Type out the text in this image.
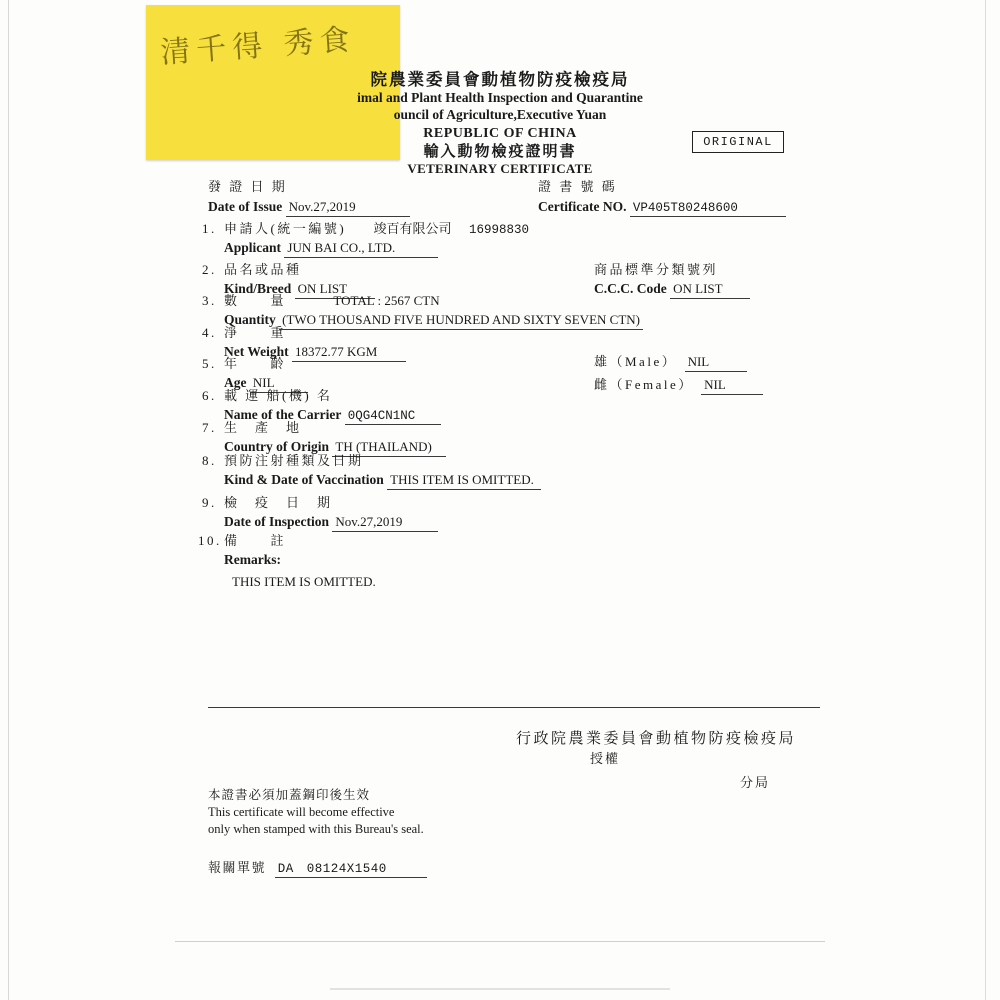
清千得 秀食
院農業委員會動植物防疫檢疫局
imal and Plant Health Inspection and Quarantine
ouncil of Agriculture,Executive Yuan
REPUBLIC OF CHINA
輸入動物檢疫證明書
VETERINARY CERTIFICATE
ORIGINAL
發 證 日 期
Date of Issue Nov.27,2019
證 書 號 碼
Certificate NO. VP405T80248600
1. 申請人(統一編號) 竣百有限公司 16998830
Applicant JUN BAI CO., LTD.
2. 品名或品種
Kind/Breed ON LIST
商品標準分類號列
C.C.C. Code ON LIST
3. 數　　量	TOTAL : 2567 CTN
Quantity (TWO THOUSAND FIVE HUNDRED AND SIXTY SEVEN CTN)
4. 淨　　重
Net Weight 18372.77 KGM
5. 年　　齡
Age NIL
雄（Male） NIL
雌（Female） NIL
6. 載 運 船(機) 名
Name of the Carrier 0QG4CN1NC
7. 生　產　地
Country of Origin TH (THAILAND)
8. 預防注射種類及日期
Kind & Date of Vaccination THIS ITEM IS OMITTED.
9. 檢　疫　日　期
Date of Inspection Nov.27,2019
10. 備　　註
Remarks:
THIS ITEM IS OMITTED.
行政院農業委員會動植物防疫檢疫局
授權
分局
本證書必須加蓋鋼印後生效
This certificate will become effective
only when stamped with this Bureau's seal.
報關單號 DA　08124X1540
